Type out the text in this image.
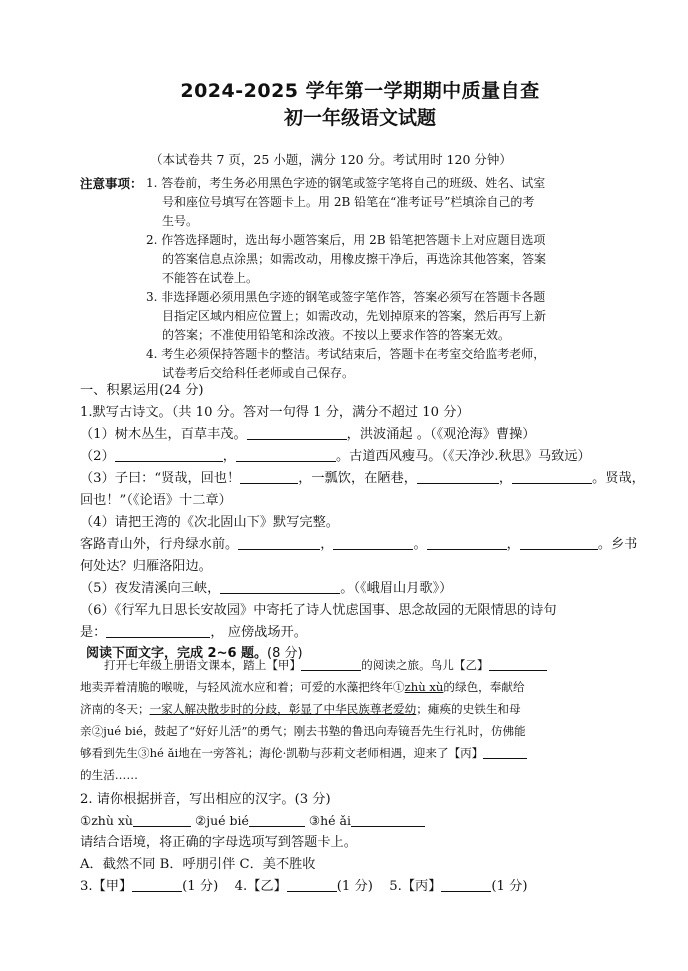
2024-2025 学年第一学期期中质量自查
初一年级语文试题
（本试卷共 7 页，25 小题，满分 120 分。考试用时 120 分钟）
注意事项： 1. 答卷前，考生务必用黑色字迹的钢笔或签字笔将自己的班级、姓名、试室
号和座位号填写在答题卡上。用 2B 铅笔在“准考证号”栏填涂自己的考
生号。
2. 作答选择题时，选出每小题答案后，用 2B 铅笔把答题卡上对应题目选项
的答案信息点涂黑；如需改动，用橡皮擦干净后，再选涂其他答案，答案
不能答在试卷上。
3. 非选择题必须用黑色字迹的钢笔或签字笔作答，答案必须写在答题卡各题
目指定区域内相应位置上；如需改动，先划掉原来的答案，然后再写上新
的答案；不准使用铅笔和涂改液。不按以上要求作答的答案无效。
4. 考生必须保持答题卡的整洁。考试结束后，答题卡在考室交给监考老师，
试卷考后交给科任老师或自己保存。
一、积累运用(24 分)
1.默写古诗文。（共 10 分。答对一句得 1 分，满分不超过 10 分）
（1）树木丛生，百草丰茂。	，洪波涌起 。（《观沧海》曹操）
（2）	，	。古道西风瘦马。（《天净沙.秋思》马致远）
（3）子曰：“贤哉，回也！	，一瓢饮，在陋巷，	，	。贤哉，
回也！”（《论语》十二章）
（4）请把王湾的《次北固山下》默写完整。
客路青山外，行舟绿水前。	，	。	，	。乡书
何处达？归雁洛阳边。
（5）夜发清溪向三峡，	。（《峨眉山月歌》）
（6）《行军九日思长安故园》中寄托了诗人忧虑国事、思念故园的无限情思的诗句
是：	， 应傍战场开。
阅读下面文字，完成 2~6 题。(8 分)
打开七年级上册语文课本，踏上【甲】	的阅读之旅。鸟儿【乙】
地卖弄着清脆的喉咙，与轻风流水应和着；可爱的水藻把终年①zhù xù的绿色，奉献给
济南的冬天；一家人解决散步时的分歧，彰显了中华民族尊老爱幼；瘫痪的史铁生和母
亲②jué bié，鼓起了“好好儿活”的勇气；刚去书塾的鲁迅向寿镜吾先生行礼时，仿佛能
够看到先生③hé ǎi地在一旁答礼；海伦·凯勒与莎莉文老师相遇，迎来了【丙】
的生活……
2. 请你根据拼音，写出相应的汉字。(3 分)
①zhù xù	②jué bié	③hé ǎi
请结合语境，将正确的字母选项写到答题卡上。
A．截然不同 B．呼朋引伴 C．美不胜收
3.【甲】	(1 分) 4.【乙】	(1 分) 5.【丙】	(1 分)
